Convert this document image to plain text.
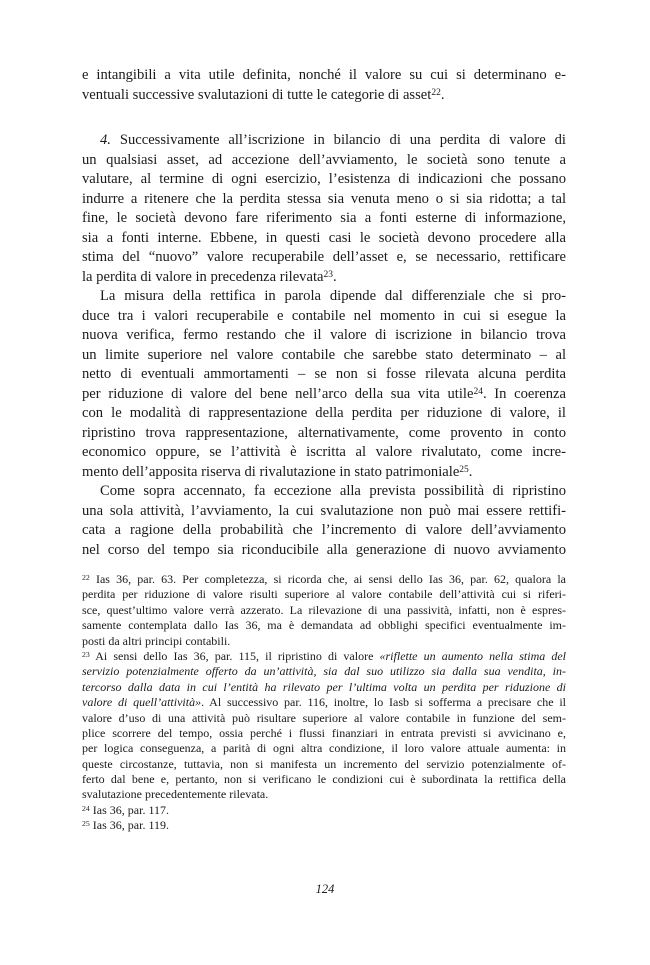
e intangibili a vita utile definita, nonché il valore su cui si determinano e-
ventuali successive svalutazioni di tutte le categorie di asset$^{22}$.
4. Successivamente all’iscrizione in bilancio di una perdita di valore di
un qualsiasi asset, ad accezione dell’avviamento, le società sono tenute a
valutare, al termine di ogni esercizio, l’esistenza di indicazioni che possano
indurre a ritenere che la perdita stessa sia venuta meno o si sia ridotta; a tal
fine, le società devono fare riferimento sia a fonti esterne di informazione,
sia a fonti interne. Ebbene, in questi casi le società devono procedere alla
stima del “nuovo” valore recuperabile dell’asset e, se necessario, rettificare
la perdita di valore in precedenza rilevata$^{23}$.
La misura della rettifica in parola dipende dal differenziale che si pro-
duce tra i valori recuperabile e contabile nel momento in cui si esegue la
nuova verifica, fermo restando che il valore di iscrizione in bilancio trova
un limite superiore nel valore contabile che sarebbe stato determinato – al
netto di eventuali ammortamenti – se non si fosse rilevata alcuna perdita
per riduzione di valore del bene nell’arco della sua vita utile$^{24}$. In coerenza
con le modalità di rappresentazione della perdita per riduzione di valore, il
ripristino trova rappresentazione, alternativamente, come provento in conto
economico oppure, se l’attività è iscritta al valore rivalutato, come incre-
mento dell’apposita riserva di rivalutazione in stato patrimoniale$^{25}$.
Come sopra accennato, fa eccezione alla prevista possibilità di ripristino
una sola attività, l’avviamento, la cui svalutazione non può mai essere rettifi-
cata a ragione della probabilità che l’incremento di valore dell’avviamento
nel corso del tempo sia riconducibile alla generazione di nuovo avviamento
$^{22}$ Ias 36, par. 63. Per completezza, si ricorda che, ai sensi dello Ias 36, par. 62, qualora la
perdita per riduzione di valore risulti superiore al valore contabile dell’attività cui si riferi-
sce, quest’ultimo valore verrà azzerato. La rilevazione di una passività, infatti, non è espres-
samente contemplata dallo Ias 36, ma è demandata ad obblighi specifici eventualmente im-
posti da altri principi contabili.
$^{23}$ Ai sensi dello Ias 36, par. 115, il ripristino di valore «riflette un aumento nella stima del
servizio potenzialmente offerto da un’attività, sia dal suo utilizzo sia dalla sua vendita, in-
tercorso dalla data in cui l’entità ha rilevato per l’ultima volta un perdita per riduzione di
valore di quell’attività». Al successivo par. 116, inoltre, lo Iasb si sofferma a precisare che il
valore d’uso di una attività può risultare superiore al valore contabile in funzione del sem-
plice scorrere del tempo, ossia perché i flussi finanziari in entrata previsti si avvicinano e,
per logica conseguenza, a parità di ogni altra condizione, il loro valore attuale aumenta: in
queste circostanze, tuttavia, non si manifesta un incremento del servizio potenzialmente of-
ferto dal bene e, pertanto, non si verificano le condizioni cui è subordinata la rettifica della
svalutazione precedentemente rilevata.
$^{24}$ Ias 36, par. 117.
$^{25}$ Ias 36, par. 119.
124
